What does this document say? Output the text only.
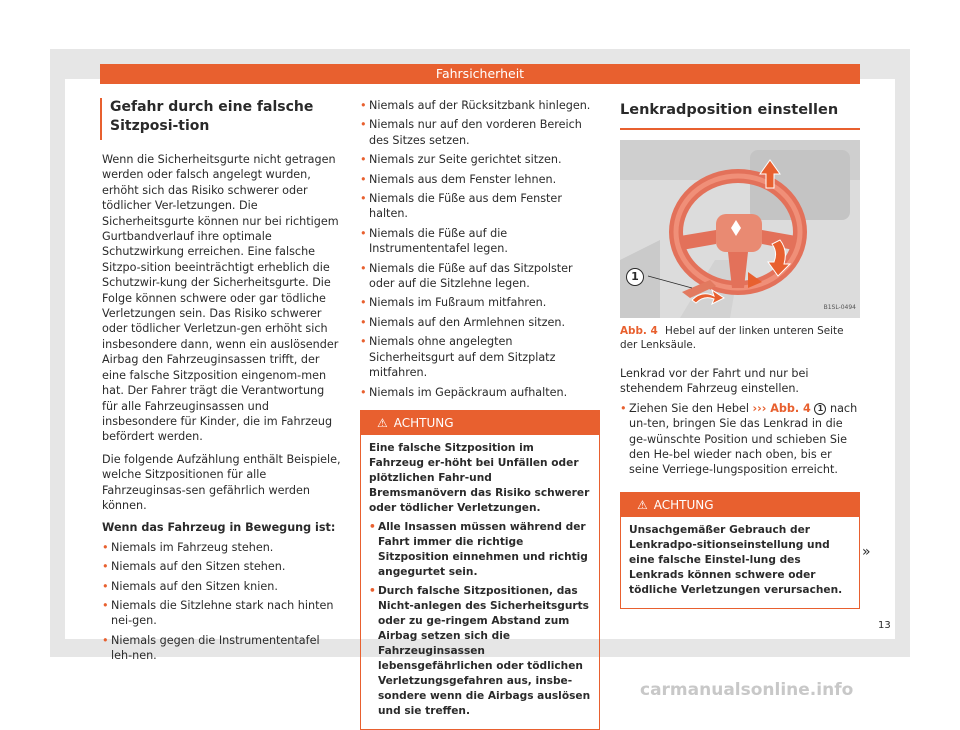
Fahrsicherheit
Gefahr durch eine falsche Sitzposi-tion

Wenn die Sicherheitsgurte nicht getragen werden oder falsch angelegt wurden, erhöht sich das Risiko schwerer oder tödlicher Ver-letzungen. Die Sicherheitsgurte können nur bei richtigem Gurtbandverlauf ihre optimale Schutzwirkung erreichen. Eine falsche Sitzpo-sition beeinträchtigt erheblich die Schutzwir-kung der Sicherheitsgurte. Die Folge können schwere oder gar tödliche Verletzungen sein. Das Risiko schwerer oder tödlicher Verletzun-gen erhöht sich insbesondere dann, wenn ein auslösender Airbag den Fahrzeuginsassen trifft, der eine falsche Sitzposition eingenom-men hat. Der Fahrer trägt die Verantwortung für alle Fahrzeuginsassen und insbesondere für Kinder, die im Fahrzeug befördert werden.

Die folgende Aufzählung enthält Beispiele, welche Sitzpositionen für alle Fahrzeuginsas-sen gefährlich werden können.

Wenn das Fahrzeug in Bewegung ist:
• Niemals im Fahrzeug stehen.
• Niemals auf den Sitzen stehen.
• Niemals auf den Sitzen knien.
• Niemals die Sitzlehne stark nach hinten nei-gen.
• Niemals gegen die Instrumententafel leh-nen.
• Niemals auf der Rücksitzbank hinlegen.
• Niemals nur auf den vorderen Bereich des Sitzes setzen.
• Niemals zur Seite gerichtet sitzen.
• Niemals aus dem Fenster lehnen.
• Niemals die Füße aus dem Fenster halten.
• Niemals die Füße auf die Instrumententafel legen.
• Niemals die Füße auf das Sitzpolster oder auf die Sitzlehne legen.
• Niemals im Fußraum mitfahren.
• Niemals auf den Armlehnen sitzen.
• Niemals ohne angelegten Sicherheitsgurt auf dem Sitzplatz mitfahren.
• Niemals im Gepäckraum aufhalten.
⚠ ACHTUNG
Eine falsche Sitzposition im Fahrzeug er-höht bei Unfällen oder plötzlichen Fahr-und Bremsmanövern das Risiko schwerer oder tödlicher Verletzungen.
• Alle Insassen müssen während der Fahrt immer die richtige Sitzposition einnehmen und richtig angegurtet sein.
• Durch falsche Sitzpositionen, das Nicht-anlegen des Sicherheitsgurts oder zu ge-ringem Abstand zum Airbag setzen sich die Fahrzeuginsassen lebensgefährlichen oder tödlichen Verletzungsgefahren aus, insbe-sondere wenn die Airbags auslösen und sie treffen.
Lenkradposition einstellen
1
B1SL-0494
Abb. 4 Hebel auf der linken unteren Seite der Lenksäule.

Lenkrad vor der Fahrt und nur bei stehendem Fahrzeug einstellen.

• Ziehen Sie den Hebel ››› Abb. 4 1 nach un-ten, bringen Sie das Lenkrad in die ge-wünschte Position und schieben Sie den He-bel wieder nach oben, bis er seine Verriege-lungsposition erreicht.
⚠ ACHTUNG
Unsachgemäßer Gebrauch der Lenkradpo-sitionseinstellung und eine falsche Einstel-lung des Lenkrads können schwere oder tödliche Verletzungen verursachen.
»
13
carmanualsonline.info
